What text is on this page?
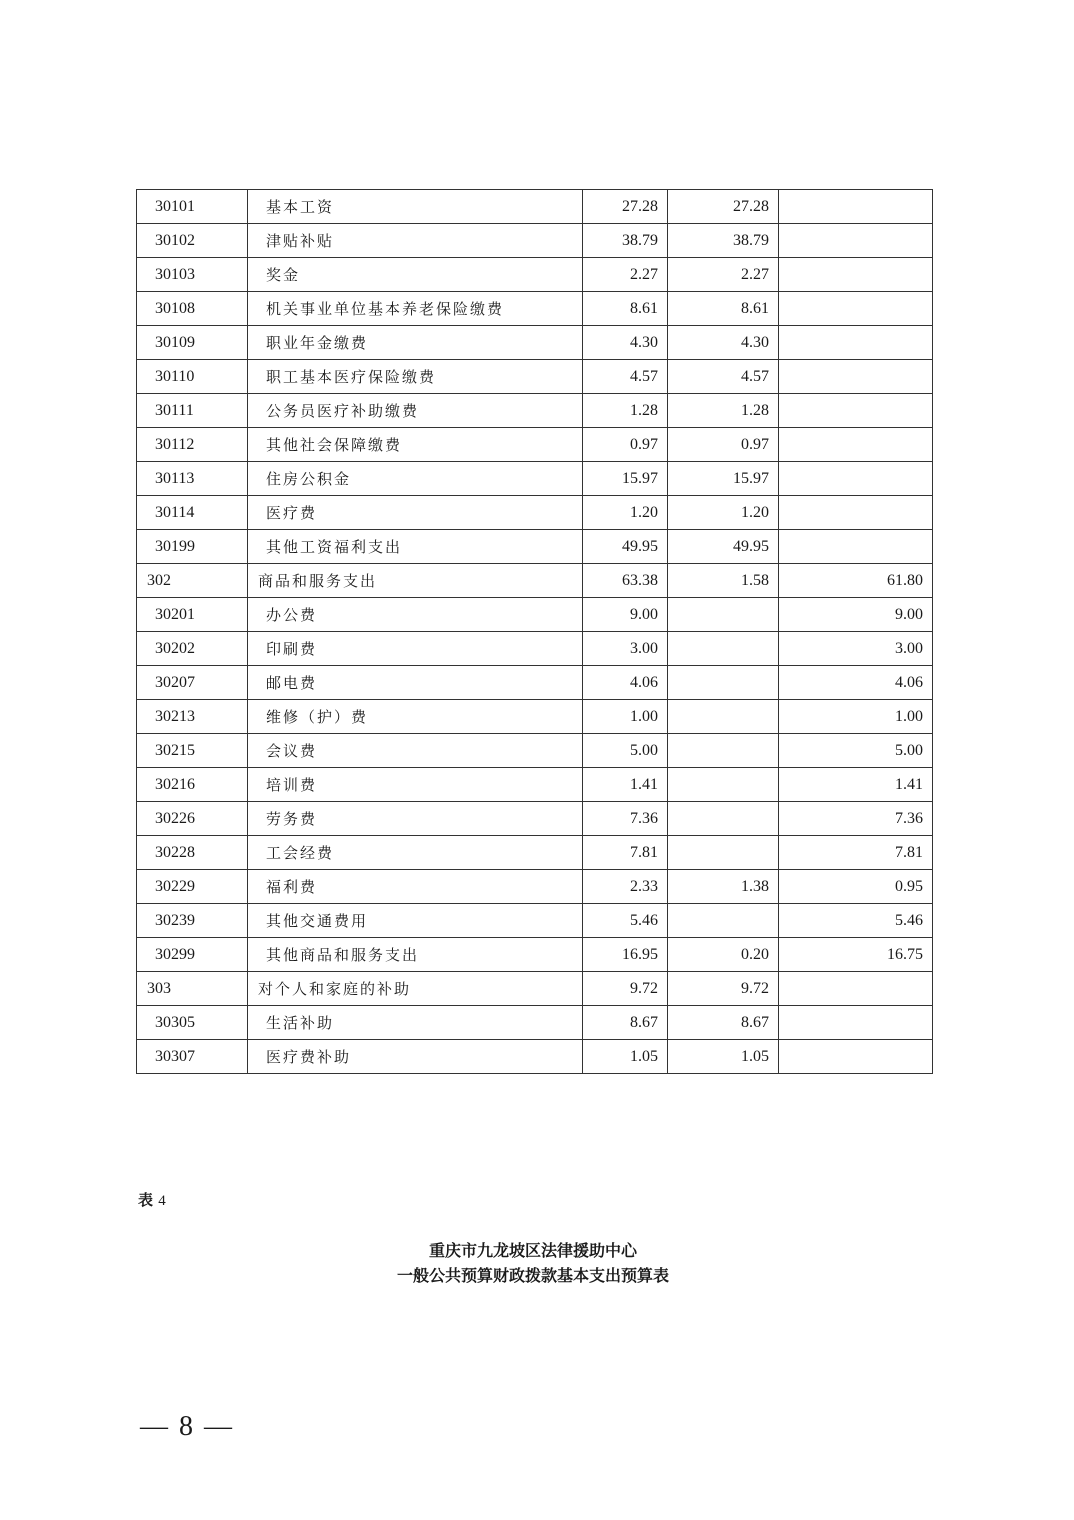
30101	基本工资	27.28	27.28	
30102	津贴补贴	38.79	38.79	
30103	奖金	2.27	2.27	
30108	机关事业单位基本养老保险缴费	8.61	8.61	
30109	职业年金缴费	4.30	4.30	
30110	职工基本医疗保险缴费	4.57	4.57	
30111	公务员医疗补助缴费	1.28	1.28	
30112	其他社会保障缴费	0.97	0.97	
30113	住房公积金	15.97	15.97	
30114	医疗费	1.20	1.20	
30199	其他工资福利支出	49.95	49.95	
302	商品和服务支出	63.38	1.58	61.80
30201	办公费	9.00		9.00
30202	印刷费	3.00		3.00
30207	邮电费	4.06		4.06
30213	维修（护）费	1.00		1.00
30215	会议费	5.00		5.00
30216	培训费	1.41		1.41
30226	劳务费	7.36		7.36
30228	工会经费	7.81		7.81
30229	福利费	2.33	1.38	0.95
30239	其他交通费用	5.46		5.46
30299	其他商品和服务支出	16.95	0.20	16.75
303	对个人和家庭的补助	9.72	9.72	
30305	生活补助	8.67	8.67	
30307	医疗费补助	1.05	1.05	
表 4
重庆市九龙坡区法律援助中心
一般公共预算财政拨款基本支出预算表
— 8 —
